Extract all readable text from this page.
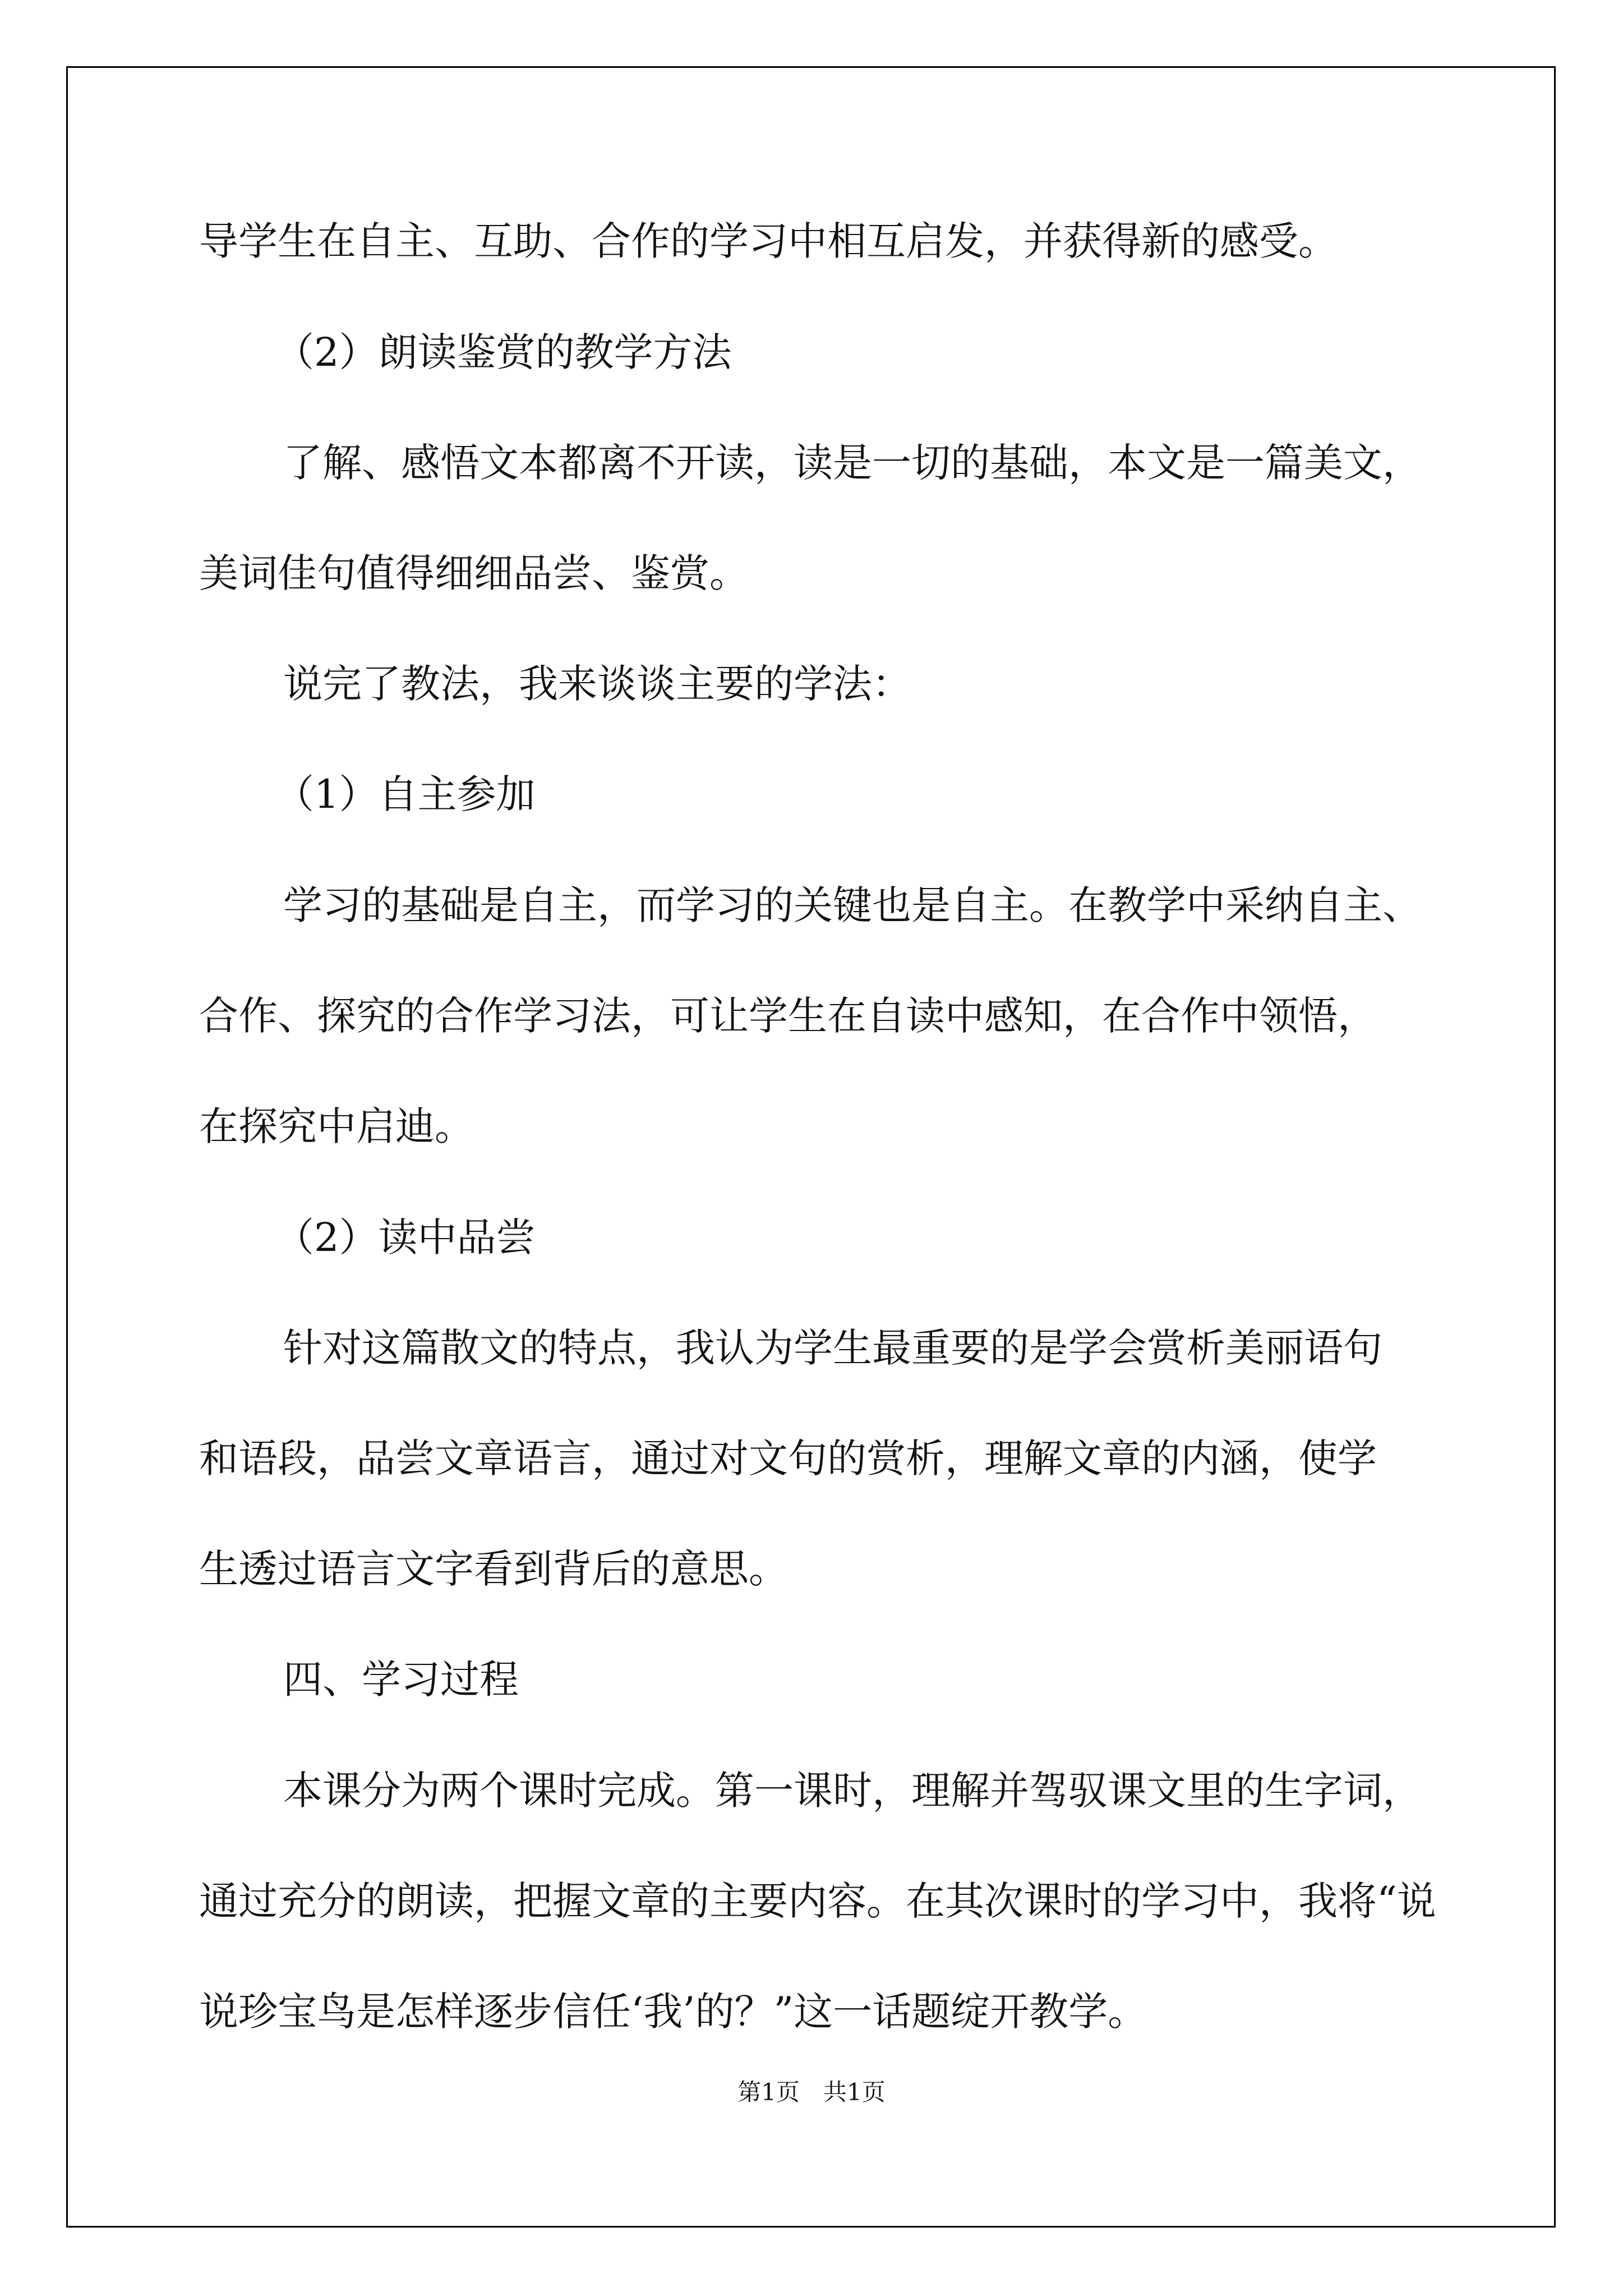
导学生在自主、互助、合作的学习中相互启发，并获得新的感受。

（2）朗读鉴赏的教学方法

了解、感悟文本都离不开读，读是一切的基础，本文是一篇美文，

美词佳句值得细细品尝、鉴赏。

说完了教法，我来谈谈主要的学法：

（1）自主参加

学习的基础是自主，而学习的关键也是自主。在教学中采纳自主、

合作、探究的合作学习法，可让学生在自读中感知，在合作中领悟，

在探究中启迪。

（2）读中品尝

针对这篇散文的特点，我认为学生最重要的是学会赏析美丽语句

和语段，品尝文章语言，通过对文句的赏析，理解文章的内涵，使学

生透过语言文字看到背后的意思。

四、学习过程

本课分为两个课时完成。第一课时，理解并驾驭课文里的生字词，

通过充分的朗读，把握文章的主要内容。在其次课时的学习中，我将“说

说珍宝鸟是怎样逐步信任‘我’的？”这一话题绽开教学。

第1页　共1页
